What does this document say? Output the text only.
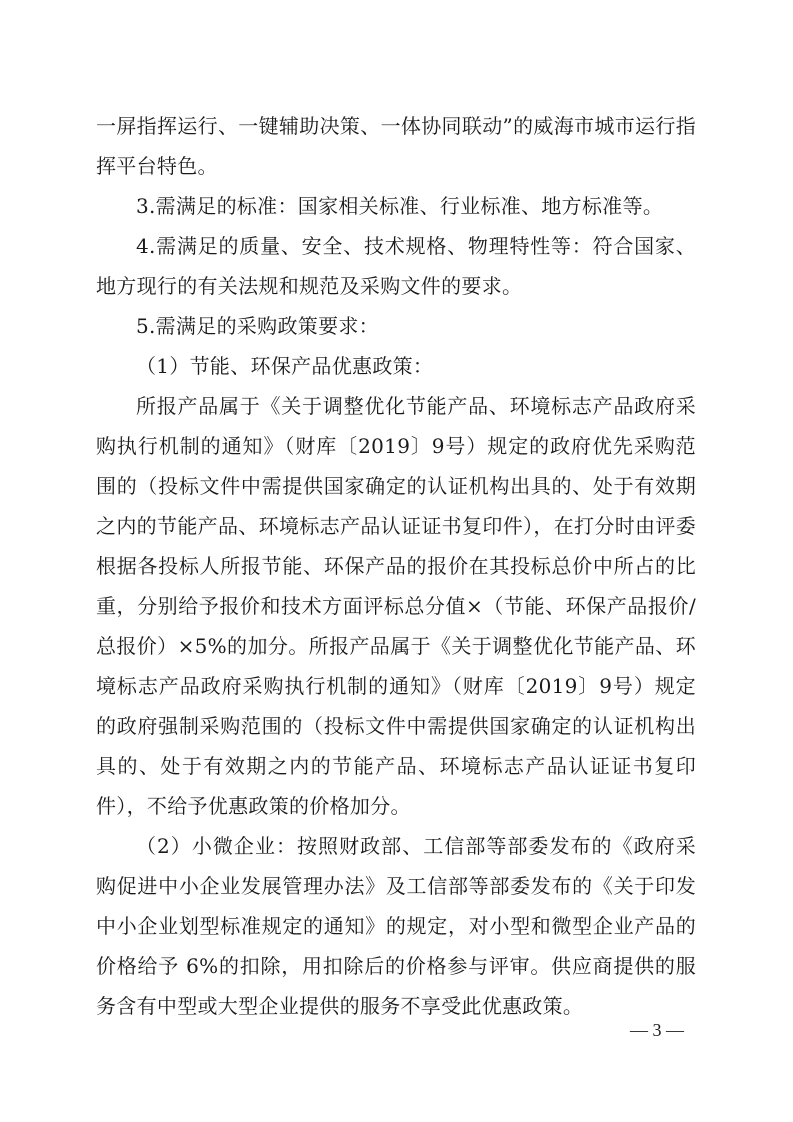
一屏指挥运行、一键辅助决策、一体协同联动”的威海市城市运行指挥平台特色。

3.需满足的标准：国家相关标准、行业标准、地方标准等。

4.需满足的质量、安全、技术规格、物理特性等：符合国家、地方现行的有关法规和规范及采购文件的要求。

5.需满足的采购政策要求：

（1）节能、环保产品优惠政策：

所报产品属于《关于调整优化节能产品、环境标志产品政府采购执行机制的通知》（财库〔2019〕9号）规定的政府优先采购范围的（投标文件中需提供国家确定的认证机构出具的、处于有效期之内的节能产品、环境标志产品认证证书复印件），在打分时由评委根据各投标人所报节能、环保产品的报价在其投标总价中所占的比重，分别给予报价和技术方面评标总分值×（节能、环保产品报价/总报价）×5%的加分。所报产品属于《关于调整优化节能产品、环境标志产品政府采购执行机制的通知》（财库〔2019〕9号）规定的政府强制采购范围的（投标文件中需提供国家确定的认证机构出具的、处于有效期之内的节能产品、环境标志产品认证证书复印件），不给予优惠政策的价格加分。

（2）小微企业：按照财政部、工信部等部委发布的《政府采购促进中小企业发展管理办法》及工信部等部委发布的《关于印发中小企业划型标准规定的通知》的规定，对小型和微型企业产品的价格给予 6%的扣除，用扣除后的价格参与评审。供应商提供的服务含有中型或大型企业提供的服务不享受此优惠政策。

— 3 —
